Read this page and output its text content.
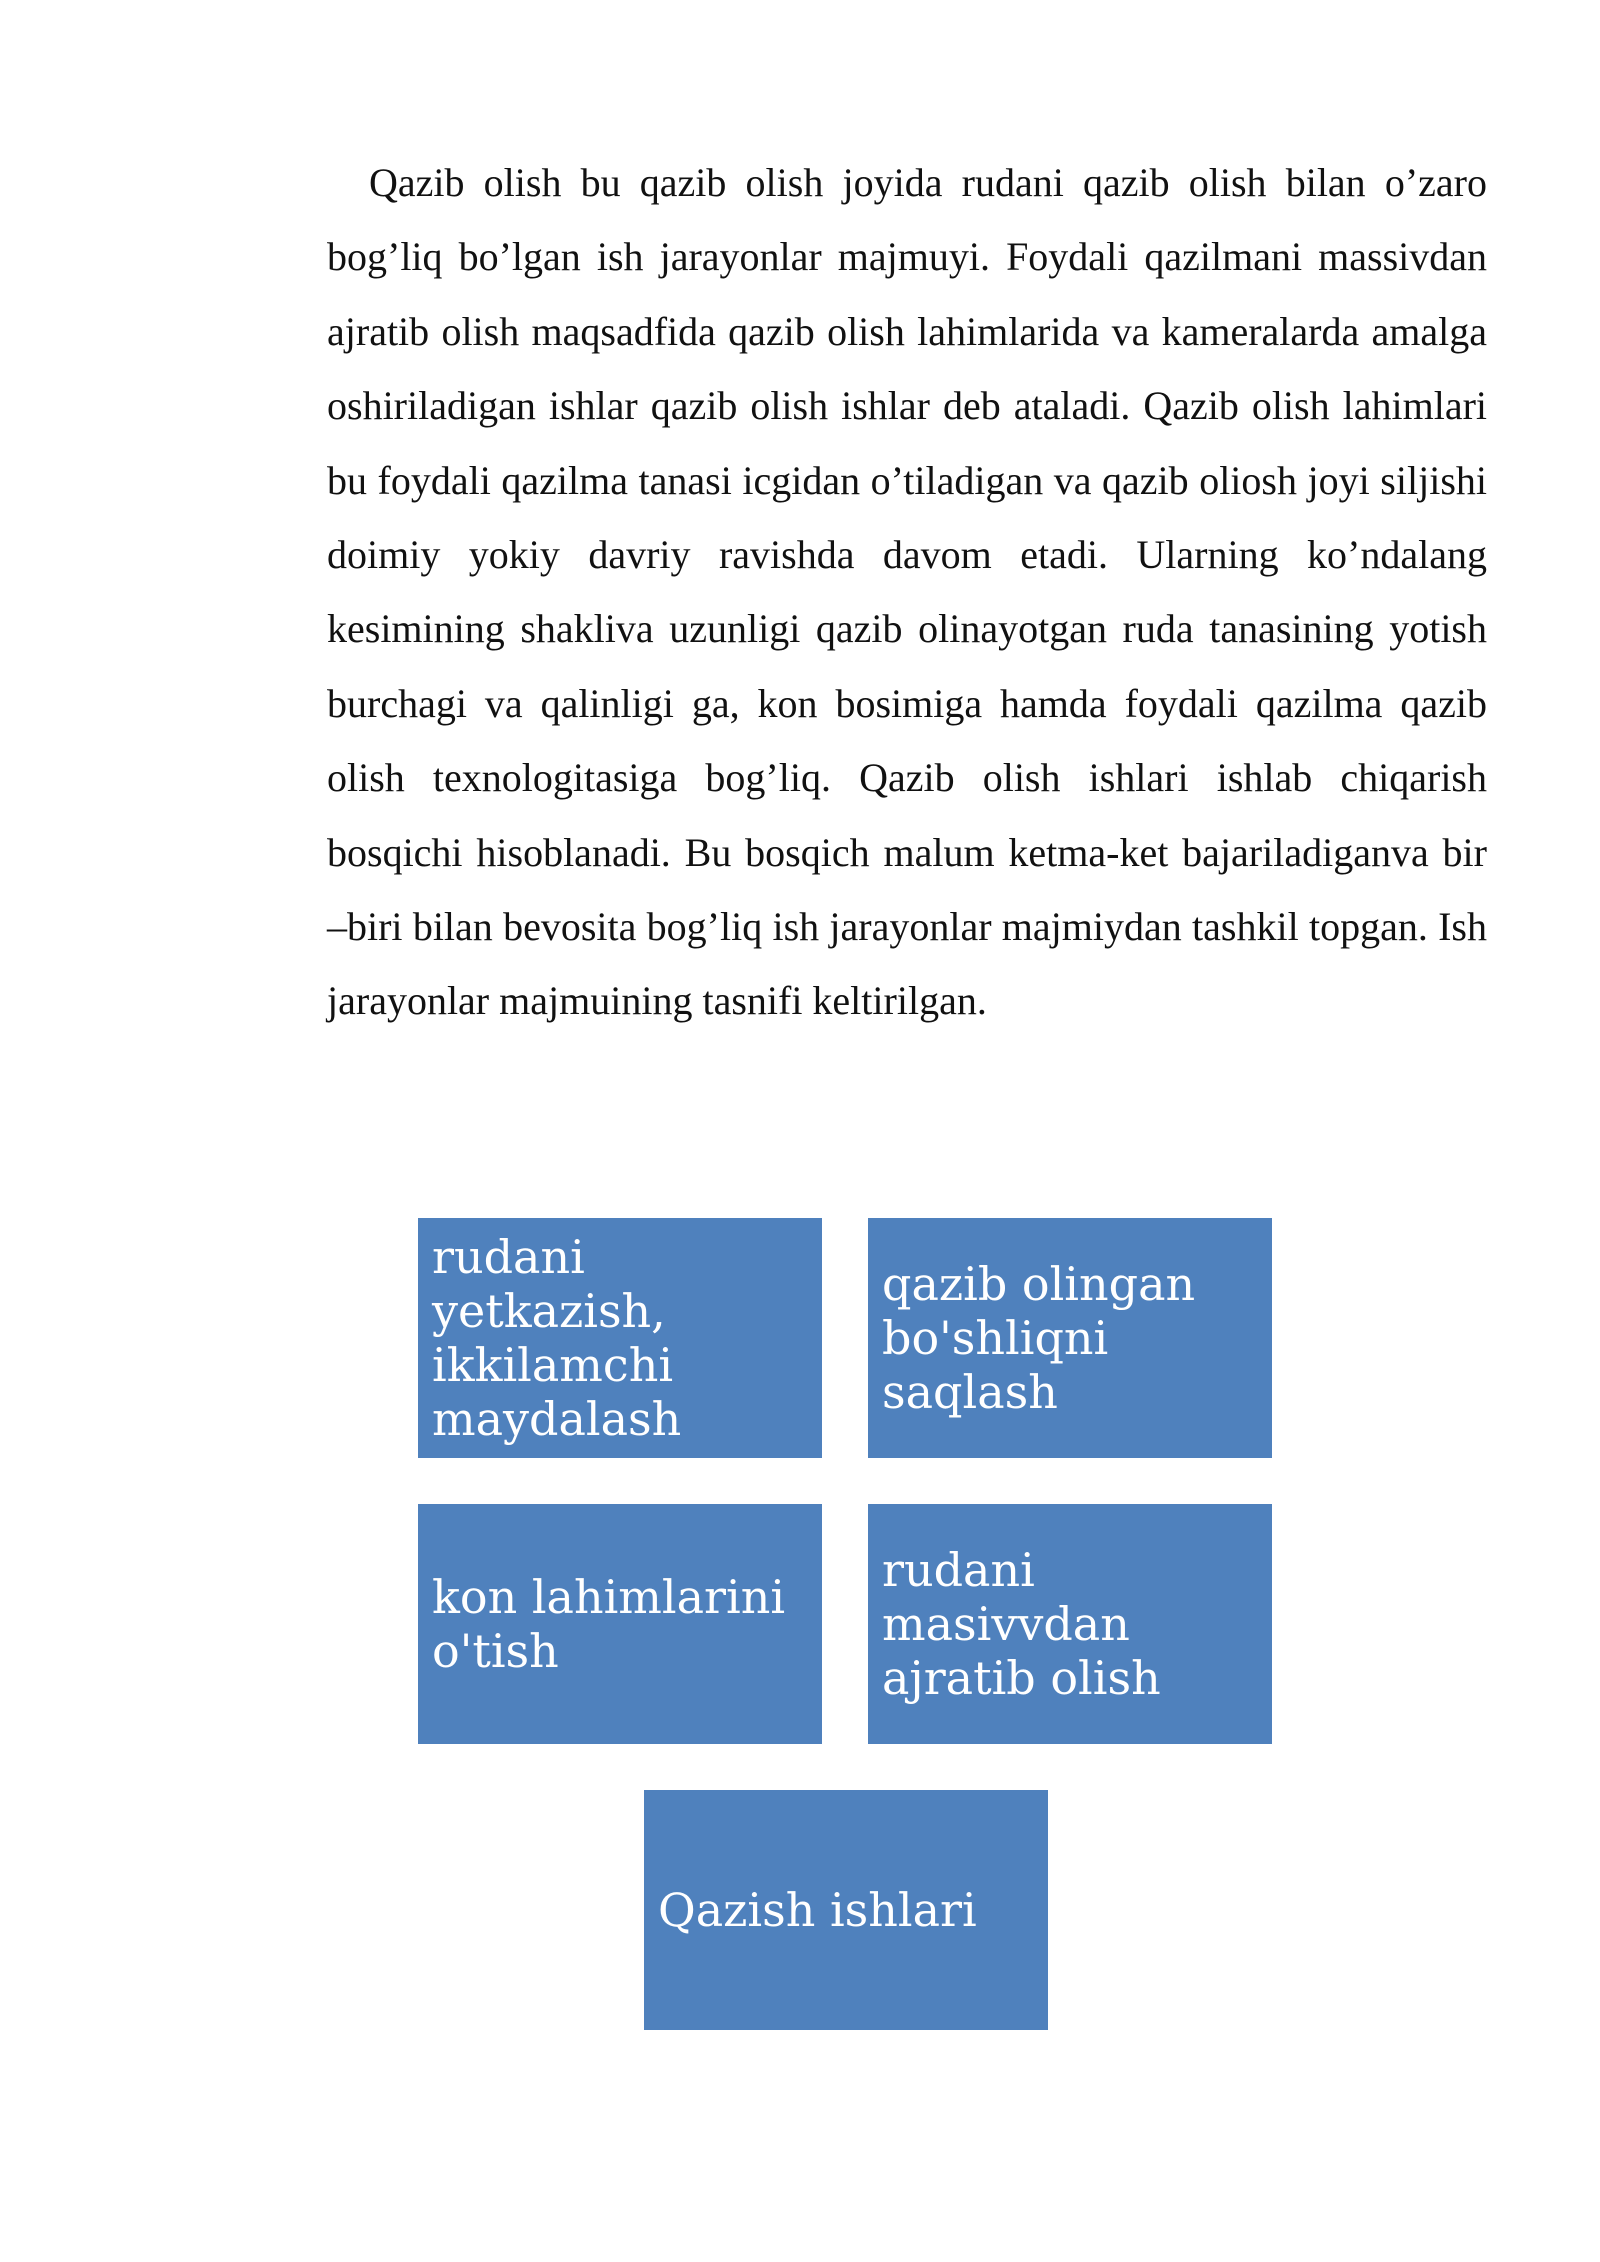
Qazib olish bu qazib olish joyida rudani qazib olish bilan o’zaro bog’liq bo’lgan ish jarayonlar majmuyi. Foydali qazilmani massivdan ajratib olish maqsadfida qazib olish lahimlarida va kameralarda amalga oshiriladigan ishlar qazib olish ishlar deb ataladi. Qazib olish lahimlari bu foydali qazilma tanasi icgidan o’tiladigan va qazib oliosh joyi siljishi doimiy yokiy davriy ravishda davom etadi. Ularning ko’ndalang kesimining shakliva uzunligi qazib olinayotgan ruda tanasining yotish burchagi va qalinligi ga, kon bosimiga hamda foydali qazilma qazib olish texnologitasiga bog’liq. Qazib olish ishlari ishlab chiqarish bosqichi hisoblanadi. Bu bosqich malum ketma-ket bajariladiganva bir –biri bilan bevosita bog’liq ish jarayonlar majmiydan tashkil topgan. Ish jarayonlar majmuining tasnifi keltirilgan.

rudani yetkazish,
ikkilamchi
maydalash
qazib olingan
bo'shliqni
saqlash
kon lahimlarini
o'tish
rudani
masivvdan
ajratib olish
Qazish ishlari
